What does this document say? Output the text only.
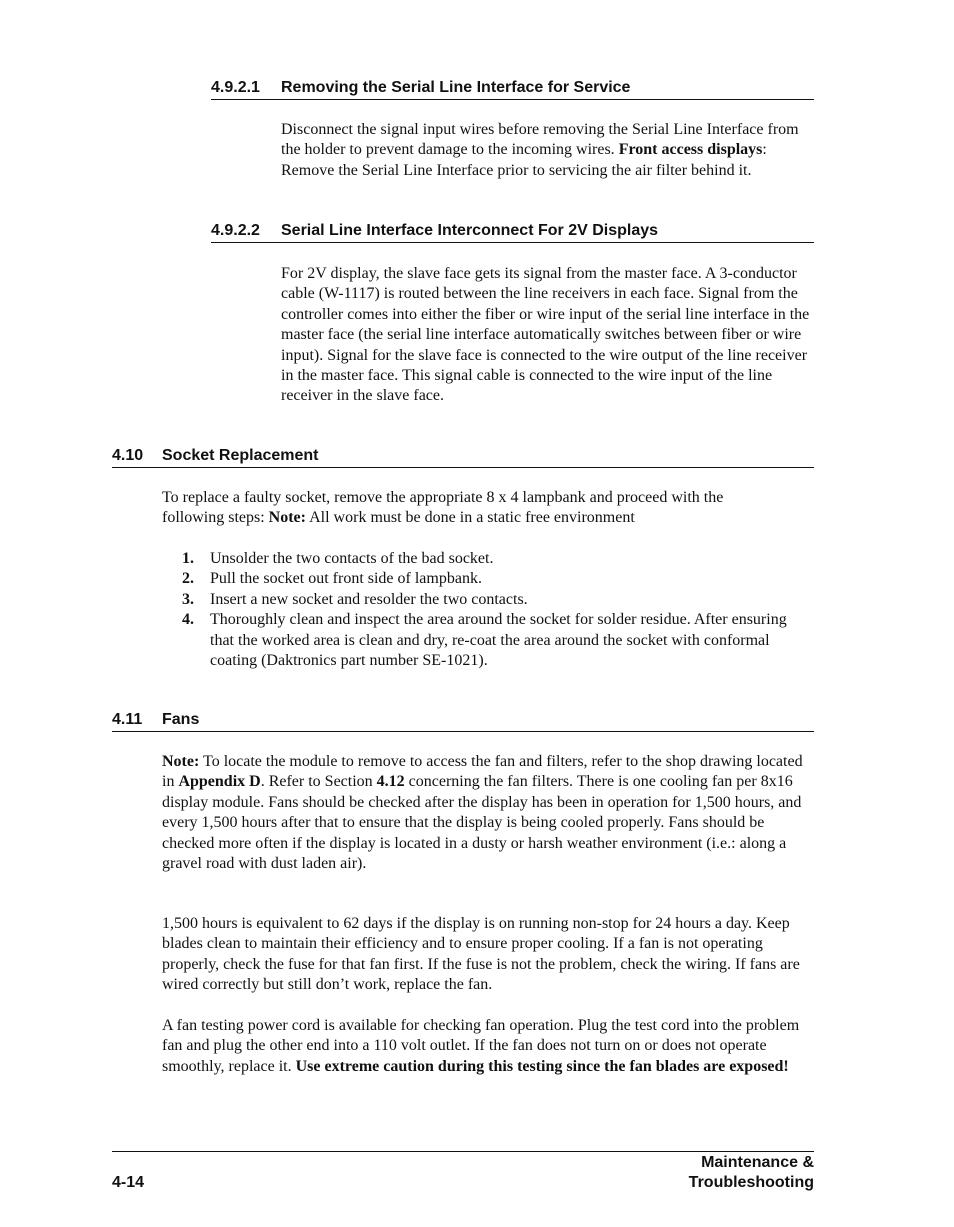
4.9.2.1 Removing the Serial Line Interface for Service
Disconnect the signal input wires before removing the Serial Line Interface from the holder to prevent damage to the incoming wires. Front access displays: Remove the Serial Line Interface prior to servicing the air filter behind it.
4.9.2.2 Serial Line Interface Interconnect For 2V Displays
For 2V display, the slave face gets its signal from the master face. A 3-conductor cable (W-1117) is routed between the line receivers in each face. Signal from the controller comes into either the fiber or wire input of the serial line interface in the master face (the serial line interface automatically switches between fiber or wire input). Signal for the slave face is connected to the wire output of the line receiver in the master face. This signal cable is connected to the wire input of the line receiver in the slave face.
4.10 Socket Replacement
To replace a faulty socket, remove the appropriate 8 x 4 lampbank and proceed with the following steps: Note: All work must be done in a static free environment
1. Unsolder the two contacts of the bad socket.
2. Pull the socket out front side of lampbank.
3. Insert a new socket and resolder the two contacts.
4. Thoroughly clean and inspect the area around the socket for solder residue. After ensuring that the worked area is clean and dry, re-coat the area around the socket with conformal coating (Daktronics part number SE-1021).
4.11 Fans
Note: To locate the module to remove to access the fan and filters, refer to the shop drawing located in Appendix D. Refer to Section 4.12 concerning the fan filters. There is one cooling fan per 8x16 display module. Fans should be checked after the display has been in operation for 1,500 hours, and every 1,500 hours after that to ensure that the display is being cooled properly. Fans should be checked more often if the display is located in a dusty or harsh weather environment (i.e.: along a gravel road with dust laden air).
1,500 hours is equivalent to 62 days if the display is on running non-stop for 24 hours a day. Keep blades clean to maintain their efficiency and to ensure proper cooling. If a fan is not operating properly, check the fuse for that fan first. If the fuse is not the problem, check the wiring. If fans are wired correctly but still don’t work, replace the fan.
A fan testing power cord is available for checking fan operation. Plug the test cord into the problem fan and plug the other end into a 110 volt outlet. If the fan does not turn on or does not operate smoothly, replace it. Use extreme caution during this testing since the fan blades are exposed!
4-14
Maintenance &
Troubleshooting
